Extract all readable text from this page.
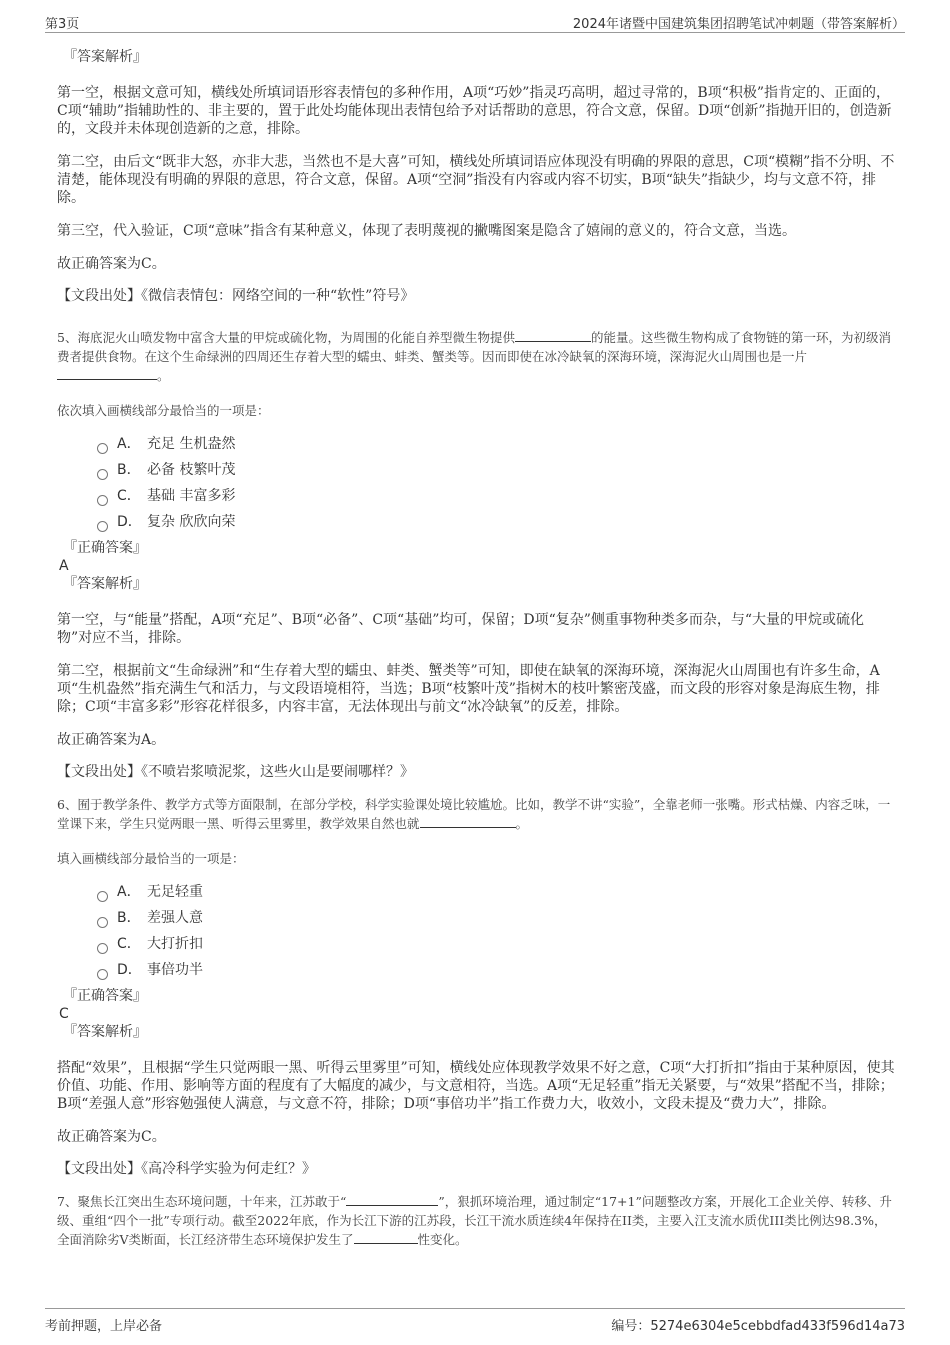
第3页	2024年诸暨中国建筑集团招聘笔试冲刺题（带答案解析）
『答案解析』

第一空，根据文意可知，横线处所填词语形容表情包的多种作用，A项“巧妙”指灵巧高明，超过寻常的，B项“积极”指肯定的、正面的，C项“辅助”指辅助性的、非主要的，置于此处均能体现出表情包给予对话帮助的意思，符合文意，保留。D项“创新”指抛开旧的，创造新的，文段并未体现创造新的之意，排除。

第二空，由后文“既非大怒，亦非大悲，当然也不是大喜”可知，横线处所填词语应体现没有明确的界限的意思，C项“模糊”指不分明、不清楚，能体现没有明确的界限的意思，符合文意，保留。A项“空洞”指没有内容或内容不切实，B项“缺失”指缺少，均与文意不符，排除。

第三空，代入验证，C项“意味”指含有某种意义，体现了表明蔑视的撇嘴图案是隐含了嬉闹的意义的，符合文意，当选。

故正确答案为C。

【文段出处】《微信表情包：网络空间的一种“软性”符号》

5、海底泥火山喷发物中富含大量的甲烷或硫化物，为周围的化能自养型微生物提供	的能量。这些微生物构成了食物链的第一环，为初级消费者提供食物。在这个生命绿洲的四周还生存着大型的蠕虫、蚌类、蟹类等。因而即使在冰冷缺氧的深海环境，深海泥火山周围也是一片。

依次填入画横线部分最恰当的一项是：

A． 充足 生机盎然
B． 必备 枝繁叶茂
C． 基础 丰富多彩
D． 复杂 欣欣向荣
『正确答案』
A
『答案解析』

第一空，与“能量”搭配，A项“充足”、B项“必备”、C项“基础”均可，保留；D项“复杂”侧重事物种类多而杂，与“大量的甲烷或硫化物”对应不当，排除。

第二空，根据前文“生命绿洲”和“生存着大型的蠕虫、蚌类、蟹类等”可知，即使在缺氧的深海环境，深海泥火山周围也有许多生命，A项“生机盎然”指充满生气和活力，与文段语境相符，当选；B项“枝繁叶茂”指树木的枝叶繁密茂盛，而文段的形容对象是海底生物，排除；C项“丰富多彩”形容花样很多，内容丰富，无法体现出与前文“冰冷缺氧”的反差，排除。

故正确答案为A。

【文段出处】《不喷岩浆喷泥浆，这些火山是要闹哪样？》

6、囿于教学条件、教学方式等方面限制，在部分学校，科学实验课处境比较尴尬。比如，教学不讲“实验”，全靠老师一张嘴。形式枯燥、内容乏味，一堂课下来，学生只觉两眼一黑、听得云里雾里，教学效果自然也就	。

填入画横线部分最恰当的一项是：

A． 无足轻重
B． 差强人意
C． 大打折扣
D． 事倍功半
『正确答案』
C
『答案解析』

搭配“效果”，且根据“学生只觉两眼一黑、听得云里雾里”可知，横线处应体现教学效果不好之意，C项“大打折扣”指由于某种原因，使其价值、功能、作用、影响等方面的程度有了大幅度的减少，与文意相符，当选。A项“无足轻重”指无关紧要，与“效果”搭配不当，排除；B项“差强人意”形容勉强使人满意，与文意不符，排除；D项“事倍功半”指工作费力大，收效小，文段未提及“费力大”，排除。

故正确答案为C。

【文段出处】《高冷科学实验为何走红？》

7、聚焦长江突出生态环境问题，十年来，江苏敢于“	”，狠抓环境治理，通过制定“17+1”问题整改方案，开展化工企业关停、转移、升级、重组“四个一批”专项行动。截至2022年底，作为长江下游的江苏段，长江干流水质连续4年保持在II类，主要入江支流水质优III类比例达98.3%，全面消除劣V类断面，长江经济带生态环境保护发生了	性变化。

考前押题，上岸必备	编号：5274e6304e5cebbdfad433f596d14a73
